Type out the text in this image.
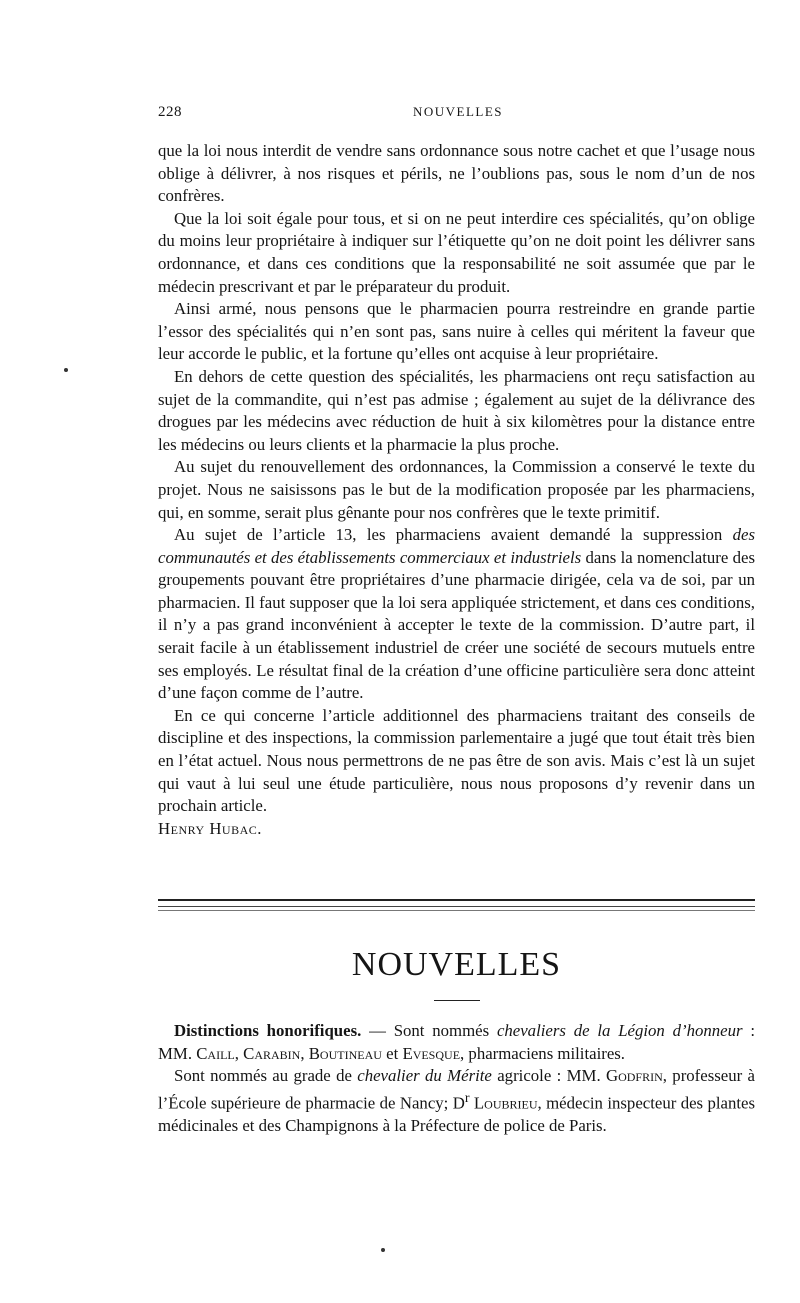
228	NOUVELLES

que la loi nous interdit de vendre sans ordonnance sous notre cachet et que l’usage nous oblige à délivrer, à nos risques et périls, ne l’oublions pas, sous le nom d’un de nos confrères.

Que la loi soit égale pour tous, et si on ne peut interdire ces spécialités, qu’on oblige du moins leur propriétaire à indiquer sur l’étiquette qu’on ne doit point les délivrer sans ordonnance, et dans ces conditions que la responsabilité ne soit assumée que par le médecin prescrivant et par le préparateur du produit.

Ainsi armé, nous pensons que le pharmacien pourra restreindre en grande partie l’essor des spécialités qui n’en sont pas, sans nuire à celles qui méritent la faveur que leur accorde le public, et la fortune qu’elles ont acquise à leur propriétaire.

En dehors de cette question des spécialités, les pharmaciens ont reçu satisfaction au sujet de la commandite, qui n’est pas admise ; également au sujet de la délivrance des drogues par les médecins avec réduction de huit à six kilomètres pour la distance entre les médecins ou leurs clients et la pharmacie la plus proche.

Au sujet du renouvellement des ordonnances, la Commission a conservé le texte du projet. Nous ne saisissons pas le but de la modification proposée par les pharmaciens, qui, en somme, serait plus gênante pour nos confrères que le texte primitif.

Au sujet de l’article 13, les pharmaciens avaient demandé la suppression des communautés et des établissements commerciaux et industriels dans la nomenclature des groupements pouvant être propriétaires d’une pharmacie dirigée, cela va de soi, par un pharmacien. Il faut supposer que la loi sera appliquée strictement, et dans ces conditions, il n’y a pas grand inconvénient à accepter le texte de la commission. D’autre part, il serait facile à un établissement industriel de créer une société de secours mutuels entre ses employés. Le résultat final de la création d’une officine particulière sera donc atteint d’une façon comme de l’autre.

En ce qui concerne l’article additionnel des pharmaciens traitant des conseils de discipline et des inspections, la commission parlementaire a jugé que tout était très bien en l’état actuel. Nous nous permettrons de ne pas être de son avis. Mais c’est là un sujet qui vaut à lui seul une étude particulière, nous nous proposons d’y revenir dans un prochain article.

Henry Hubac.

NOUVELLES

Distinctions honorifiques. — Sont nommés chevaliers de la Légion d’honneur : MM. Caill, Carabin, Boutineau et Evesque, pharmaciens militaires.

Sont nommés au grade de chevalier du Mérite agricole : MM. Godfrin, professeur à l’École supérieure de pharmacie de Nancy; $D^r$ Loubrieu, médecin inspecteur des plantes médicinales et des Champignons à la Préfecture de police de Paris.
